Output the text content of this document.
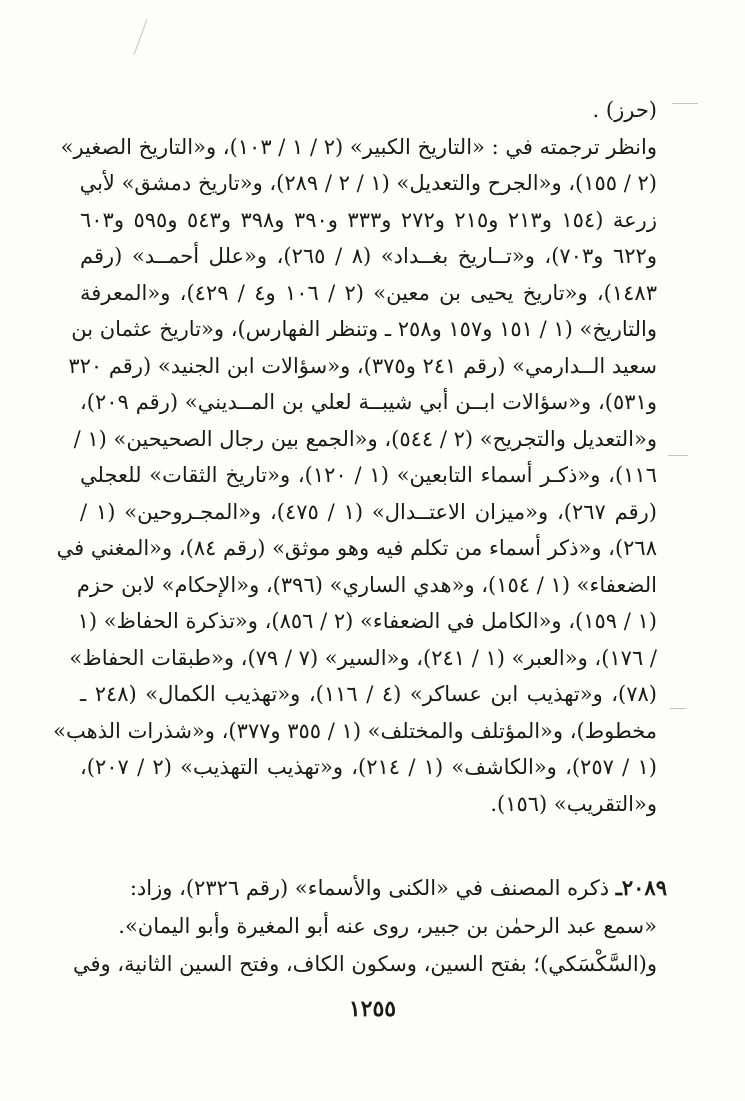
(حرز) .
وانظر ترجمته في : «التاريخ الكبير» (٢ / ١ / ١٠٣)، و«التاريخ الصغير»
(٢ / ١٥٥)، و«الجرح والتعديل» (١ / ٢ / ٢٨٩)، و«تاريخ دمشق» لأبي
زرعة (١٥٤ و٢١٣ و٢١٥ و٢٧٢ و٣٣٣ و٣٩٠ و٣٩٨ و٥٤٣ و٥٩٥ و٦٠٣
و٦٢٢ و٧٠٣)، و«تــاريخ بغــداد» (٨ / ٢٦٥)، و«علل أحمــد» (رقم
١٤٨٣)، و«تاريخ يحيى بن معين» (٢ / ١٠٦ و٤ / ٤٢٩)، و«المعرفة
والتاريخ» (١ / ١٥١ و١٥٧ و٢٥٨ ـ وتنظر الفهارس)، و«تاريخ عثمان بن
سعيد الــدارمي» (رقم ٢٤١ و٣٧٥)، و«سؤالات ابن الجنيد» (رقم ٣٢٠
و٥٣١)، و«سؤالات ابــن أبي شيبــة لعلي بن المــديني» (رقم ٢٠٩)،
و«التعديل والتجريح» (٢ / ٥٤٤)، و«الجمع بين رجال الصحيحين» (١ /
١١٦)، و«ذكـر أسماء التابعين» (١ / ١٢٠)، و«تاريخ الثقات» للعجلي
(رقم ٢٦٧)، و«ميزان الاعتــدال» (١ / ٤٧٥)، و«المجـروحين» (١ /
٢٦٨)، و«ذكر أسماء من تكلم فيه وهو موثق» (رقم ٨٤)، و«المغني في
الضعفاء» (١ / ١٥٤)، و«هدي الساري» (٣٩٦)، و«الإحكام» لابن حزم
(١ / ١٥٩)، و«الكامل في الضعفاء» (٢ / ٨٥٦)، و«تذكرة الحفاظ» (١
/ ١٧٦)، و«العبر» (١ / ٢٤١)، و«السير» (٧ / ٧٩)، و«طبقات الحفاظ»
(٧٨)، و«تهذيب ابن عساكر» (٤ / ١١٦)، و«تهذيب الكمال» (٢٤٨ ـ
مخطوط)، و«المؤتلف والمختلف» (١ / ٣٥٥ و٣٧٧)، و«شذرات الذهب»
(١ / ٢٥٧)، و«الكاشف» (١ / ٢١٤)، و«تهذيب التهذيب» (٢ / ٢٠٧)،
و«التقريب» (١٥٦).
٢٠٨٩ـ ذكره المصنف في «الكنى والأسماء» (رقم ٢٣٢٦)، وزاد:
«سمع عبد الرحمٰن بن جبير، روى عنه أبو المغيرة وأبو اليمان».
و(السَّكْسَكي)؛ بفتح السين، وسكون الكاف، وفتح السين الثانية، وفي
١٢٥٥
